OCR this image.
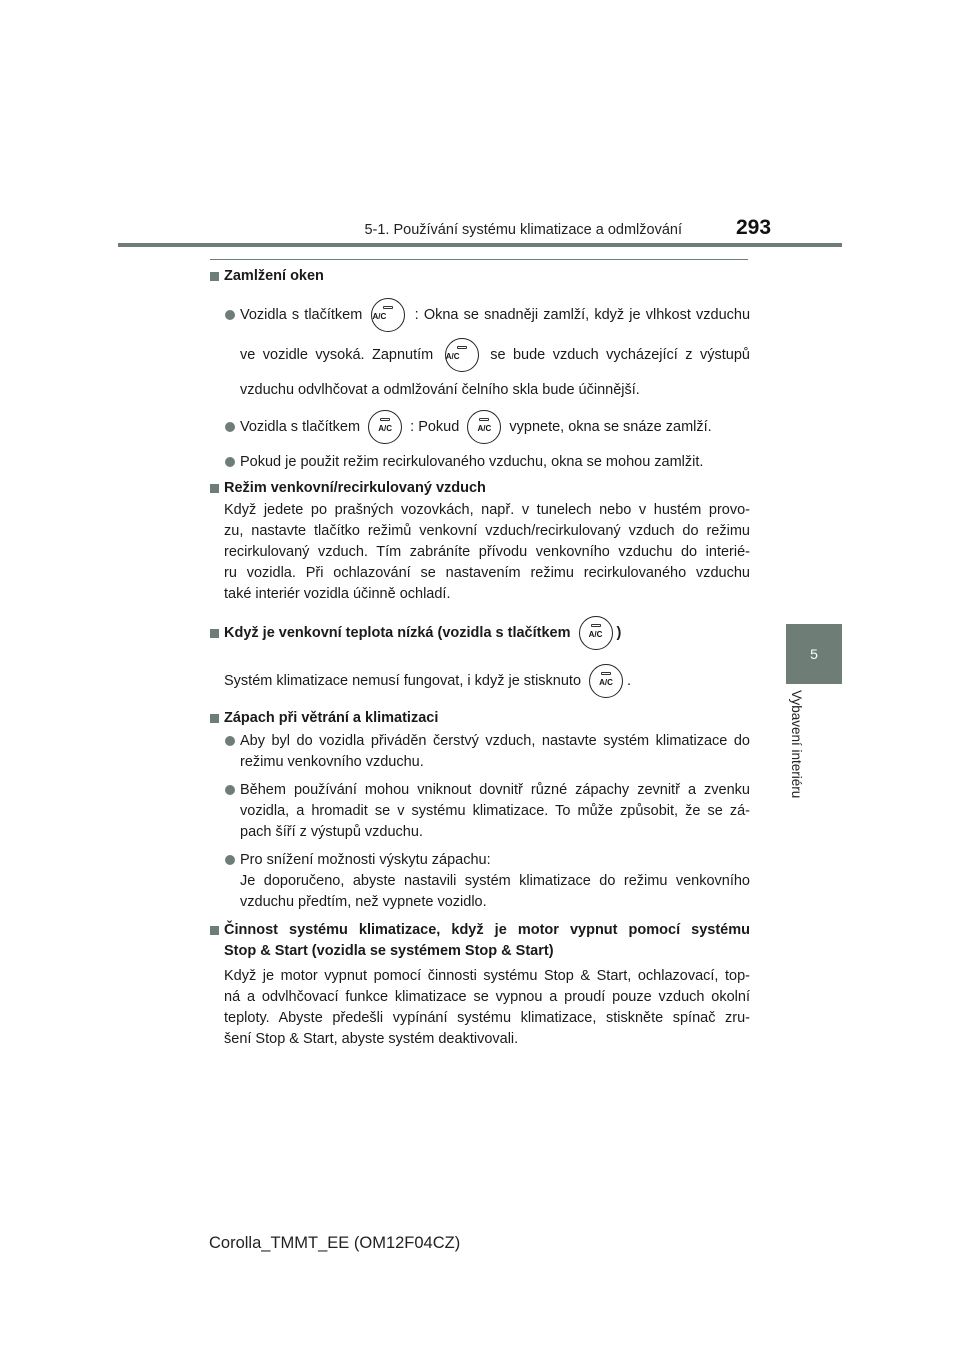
5-1. Používání systému klimatizace a odmlžování	293
5
Vybavení interiéru
Zamlžení oken
Vozidla s tlačítkem A/C	: Okna se snadněji zamlží, když je vlhkost vzduchu
ve vozidle vysoká. Zapnutím A/C	se bude vzduch vycházející z výstupů
vzduchu odvlhčovat a odmlžování čelního skla bude účinnější.
Vozidla s tlačítkem	A/C	: Pokud	A/C	vypnete, okna se snáze zamlží.
Pokud je použit režim recirkulovaného vzduchu, okna se mohou zamlžit.
Režim venkovní/recirkulovaný vzduch
Když jedete po prašných vozovkách, např. v tunelech nebo v hustém provo-
zu, nastavte tlačítko režimů venkovní vzduch/recirkulovaný vzduch do režimu
recirkulovaný vzduch. Tím zabráníte přívodu venkovního vzduchu do interié-
ru vozidla. Při ochlazování se nastavením režimu recirkulovaného vzduchu
také interiér vozidla účinně ochladí.
Když je venkovní teplota nízká (vozidla s tlačítkem	A/C )
Systém klimatizace nemusí fungovat, i když je stisknuto	A/C .
Zápach při větrání a klimatizaci
Aby byl do vozidla přiváděn čerstvý vzduch, nastavte systém klimatizace do
režimu venkovního vzduchu.
Během používání mohou vniknout dovnitř různé zápachy zevnitř a zvenku
vozidla, a hromadit se v systému klimatizace. To může způsobit, že se zá-
pach šíří z výstupů vzduchu.
Pro snížení možnosti výskytu zápachu:
Je doporučeno, abyste nastavili systém klimatizace do režimu venkovního
vzduchu předtím, než vypnete vozidlo.
Činnost systému klimatizace, když je motor vypnut pomocí systému
Stop & Start (vozidla se systémem Stop & Start)
Když je motor vypnut pomocí činnosti systému Stop & Start, ochlazovací, top-
ná a odvlhčovací funkce klimatizace se vypnou a proudí pouze vzduch okolní
teploty. Abyste předešli vypínání systému klimatizace, stiskněte spínač zru-
šení Stop & Start, abyste systém deaktivovali.
Corolla_TMMT_EE (OM12F04CZ)
